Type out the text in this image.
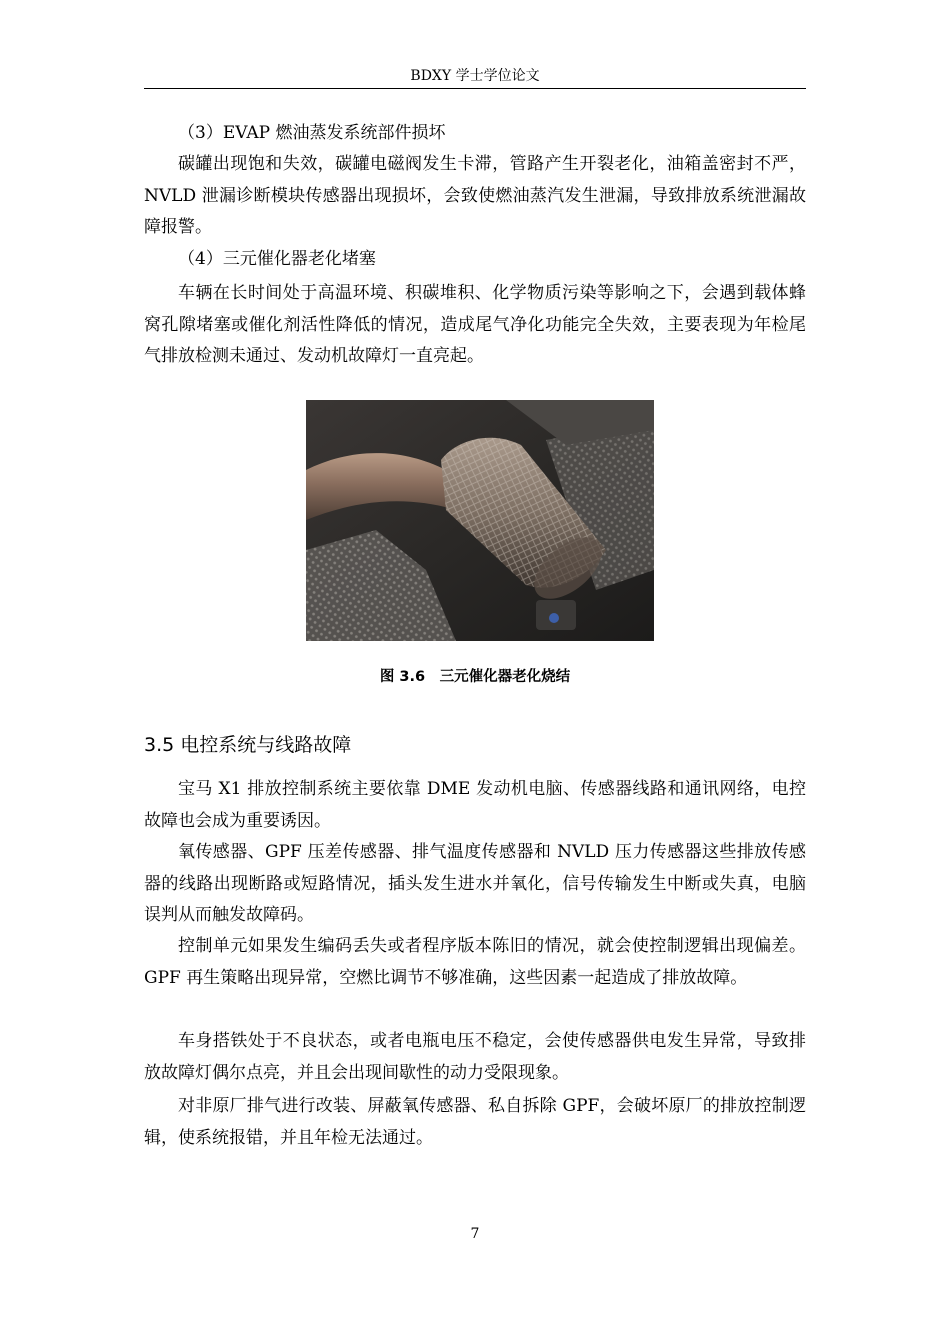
BDXY 学士学位论文

（3）EVAP 燃油蒸发系统部件损坏

碳罐出现饱和失效，碳罐电磁阀发生卡滞，管路产生开裂老化，油箱盖密封不严，NVLD 泄漏诊断模块传感器出现损坏，会致使燃油蒸汽发生泄漏，导致排放系统泄漏故障报警。

（4）三元催化器老化堵塞

车辆在长时间处于高温环境、积碳堆积、化学物质污染等影响之下，会遇到载体蜂窝孔隙堵塞或催化剂活性降低的情况，造成尾气净化功能完全失效，主要表现为年检尾气排放检测未通过、发动机故障灯一直亮起。

图 3.6　三元催化器老化烧结
3.5 电控系统与线路故障

宝马 X1 排放控制系统主要依靠 DME 发动机电脑、传感器线路和通讯网络，电控故障也会成为重要诱因。

氧传感器、GPF 压差传感器、排气温度传感器和 NVLD 压力传感器这些排放传感器的线路出现断路或短路情况，插头发生进水并氧化，信号传输发生中断或失真，电脑误判从而触发故障码。

控制单元如果发生编码丢失或者程序版本陈旧的情况，就会使控制逻辑出现偏差。GPF 再生策略出现异常，空燃比调节不够准确，这些因素一起造成了排放故障。

车身搭铁处于不良状态，或者电瓶电压不稳定，会使传感器供电发生异常，导致排放故障灯偶尔点亮，并且会出现间歇性的动力受限现象。

对非原厂排气进行改装、屏蔽氧传感器、私自拆除 GPF，会破坏原厂的排放控制逻辑，使系统报错，并且年检无法通过。

7
